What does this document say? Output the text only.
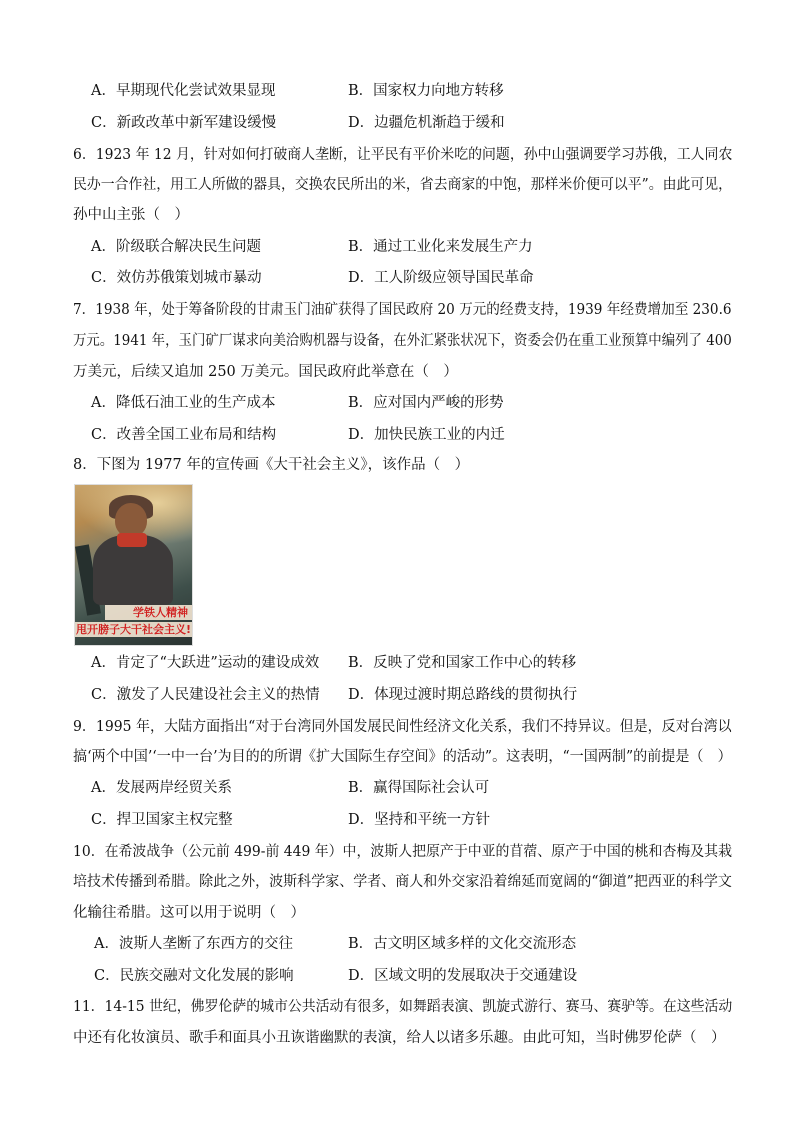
A．早期现代化尝试效果显现	B．国家权力向地方转移
C．新政改革中新军建设缓慢	D．边疆危机渐趋于缓和
6．1923 年 12 月，针对如何打破商人垄断，让平民有平价米吃的问题，孙中山强调要学习苏俄，工人同农
民办一合作社，用工人所做的器具，交换农民所出的米，省去商家的中饱，那样米价便可以平”。由此可见，
孙中山主张（　）
A．阶级联合解决民生问题	B．通过工业化来发展生产力
C．效仿苏俄策划城市暴动	D．工人阶级应领导国民革命
7．1938 年，处于筹备阶段的甘肃玉门油矿获得了国民政府 20 万元的经费支持，1939 年经费增加至 230.6
万元。1941 年，玉门矿厂谋求向美洽购机器与设备，在外汇紧张状况下，资委会仍在重工业预算中编列了 400
万美元，后续又追加 250 万美元。国民政府此举意在（　）
A．降低石油工业的生产成本	B．应对国内严峻的形势
C．改善全国工业布局和结构	D．加快民族工业的内迁
8．下图为 1977 年的宣传画《大干社会主义》，该作品（　）
学铁人精神
甩开膀子大干社会主义!
A．肯定了“大跃进”运动的建设成效 B．反映了党和国家工作中心的转移
C．激发了人民建设社会主义的热情 D．体现过渡时期总路线的贯彻执行
9．1995 年，大陆方面指出“对于台湾同外国发展民间性经济文化关系，我们不持异议。但是，反对台湾以
搞‘两个中国’‘一中一台’为目的的所谓《扩大国际生存空间》的活动”。这表明，“一国两制”的前提是（　）
A．发展两岸经贸关系	B．赢得国际社会认可
C．捍卫国家主权完整	D．坚持和平统一方针
10．在希波战争（公元前 499-前 449 年）中，波斯人把原产于中亚的苜蓿、原产于中国的桃和杏梅及其栽
培技术传播到希腊。除此之外，波斯科学家、学者、商人和外交家沿着绵延而宽阔的“御道”把西亚的科学文
化输往希腊。这可以用于说明（　）
A．波斯人垄断了东西方的交往	B．古文明区域多样的文化交流形态
C．民族交融对文化发展的影响	D．区域文明的发展取决于交通建设
11．14-15 世纪，佛罗伦萨的城市公共活动有很多，如舞蹈表演、凯旋式游行、赛马、赛驴等。在这些活动
中还有化妆演员、歌手和面具小丑诙谐幽默的表演，给人以诸多乐趣。由此可知，当时佛罗伦萨（　）
